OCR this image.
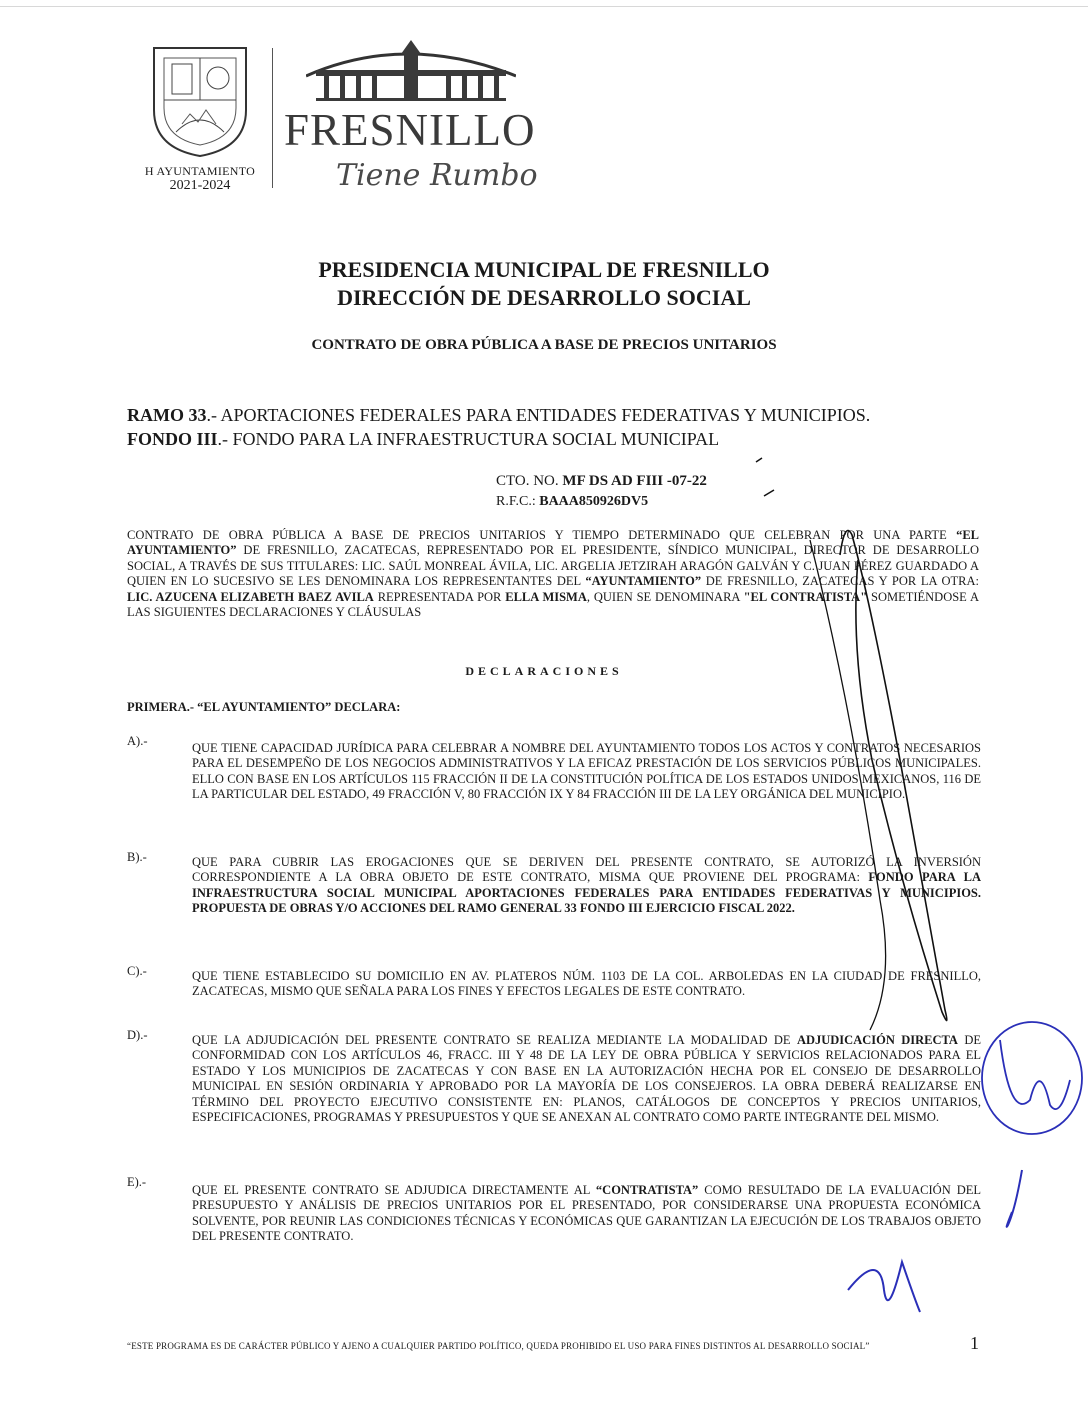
H AYUNTAMIENTO
2021-2024
FRESNILLO
Tiene Rumbo
PRESIDENCIA MUNICIPAL DE FRESNILLO
DIRECCIÓN DE DESARROLLO SOCIAL
CONTRATO DE OBRA PÚBLICA A BASE DE PRECIOS UNITARIOS
RAMO 33.- APORTACIONES FEDERALES PARA ENTIDADES FEDERATIVAS Y MUNICIPIOS.
FONDO III.- FONDO PARA LA INFRAESTRUCTURA SOCIAL MUNICIPAL
CTO. NO. MF DS AD FIII -07-22
R.F.C.: BAAA850926DV5
CONTRATO DE OBRA PÚBLICA A BASE DE PRECIOS UNITARIOS Y TIEMPO DETERMINADO QUE CELEBRAN POR UNA PARTE “EL AYUNTAMIENTO” DE FRESNILLO, ZACATECAS, REPRESENTADO POR EL PRESIDENTE, SÍNDICO MUNICIPAL, DIRECTOR DE DESARROLLO SOCIAL, A TRAVÉS DE SUS TITULARES: LIC. SAÚL MONREAL ÁVILA, LIC. ARGELIA JETZIRAH ARAGÓN GALVÁN Y C. JUAN PÉREZ GUARDADO A QUIEN EN LO SUCESIVO SE LES DENOMINARA LOS REPRESENTANTES DEL “AYUNTAMIENTO” DE FRESNILLO, ZACATECAS Y POR LA OTRA: LIC. AZUCENA ELIZABETH BAEZ AVILA REPRESENTADA POR ELLA MISMA, QUIEN SE DENOMINARA "EL CONTRATISTA" SOMETIÉNDOSE A LAS SIGUIENTES DECLARACIONES Y CLÁUSULAS
DECLARACIONES
PRIMERA.- “EL AYUNTAMIENTO” DECLARA:
A).-	QUE TIENE CAPACIDAD JURÍDICA PARA CELEBRAR A NOMBRE DEL AYUNTAMIENTO TODOS LOS ACTOS Y CONTRATOS NECESARIOS PARA EL DESEMPEÑO DE LOS NEGOCIOS ADMINISTRATIVOS Y LA EFICAZ PRESTACIÓN DE LOS SERVICIOS PÚBLICOS MUNICIPALES. ELLO CON BASE EN LOS ARTÍCULOS 115 FRACCIÓN II DE LA CONSTITUCIÓN POLÍTICA DE LOS ESTADOS UNIDOS MEXICANOS, 116 DE LA PARTICULAR DEL ESTADO, 49 FRACCIÓN V, 80 FRACCIÓN IX Y 84 FRACCIÓN III DE LA LEY ORGÁNICA DEL MUNICIPIO.
B).-	QUE PARA CUBRIR LAS EROGACIONES QUE SE DERIVEN DEL PRESENTE CONTRATO, SE AUTORIZÓ LA INVERSIÓN CORRESPONDIENTE A LA OBRA OBJETO DE ESTE CONTRATO, MISMA QUE PROVIENE DEL PROGRAMA: FONDO PARA LA INFRAESTRUCTURA SOCIAL MUNICIPAL APORTACIONES FEDERALES PARA ENTIDADES FEDERATIVAS Y MUNICIPIOS. PROPUESTA DE OBRAS Y/O ACCIONES DEL RAMO GENERAL 33 FONDO III EJERCICIO FISCAL 2022.
C).-	QUE TIENE ESTABLECIDO SU DOMICILIO EN AV. PLATEROS NÚM. 1103 DE LA COL. ARBOLEDAS EN LA CIUDAD DE FRESNILLO, ZACATECAS, MISMO QUE SEÑALA PARA LOS FINES Y EFECTOS LEGALES DE ESTE CONTRATO.
D).-	QUE LA ADJUDICACIÓN DEL PRESENTE CONTRATO SE REALIZA MEDIANTE LA MODALIDAD DE ADJUDICACIÓN DIRECTA DE CONFORMIDAD CON LOS ARTÍCULOS 46, FRACC. III Y 48 DE LA LEY DE OBRA PÚBLICA Y SERVICIOS RELACIONADOS PARA EL ESTADO Y LOS MUNICIPIOS DE ZACATECAS Y CON BASE EN LA AUTORIZACIÓN HECHA POR EL CONSEJO DE DESARROLLO MUNICIPAL EN SESIÓN ORDINARIA Y APROBADO POR LA MAYORÍA DE LOS CONSEJEROS. LA OBRA DEBERÁ REALIZARSE EN TÉRMINO DEL PROYECTO EJECUTIVO CONSISTENTE EN: PLANOS, CATÁLOGOS DE CONCEPTOS Y PRECIOS UNITARIOS, ESPECIFICACIONES, PROGRAMAS Y PRESUPUESTOS Y QUE SE ANEXAN AL CONTRATO COMO PARTE INTEGRANTE DEL MISMO.
E).-
QUE EL PRESENTE CONTRATO SE ADJUDICA DIRECTAMENTE AL “CONTRATISTA” COMO RESULTADO DE LA EVALUACIÓN DEL PRESUPUESTO Y ANÁLISIS DE PRECIOS UNITARIOS POR EL PRESENTADO, POR CONSIDERARSE UNA PROPUESTA ECONÓMICA SOLVENTE, POR REUNIR LAS CONDICIONES TÉCNICAS Y ECONÓMICAS QUE GARANTIZAN LA EJECUCIÓN DE LOS TRABAJOS OBJETO DEL PRESENTE CONTRATO.
“ESTE PROGRAMA ES DE CARÁCTER PÚBLICO Y AJENO A CUALQUIER PARTIDO POLÍTICO, QUEDA PROHIBIDO EL USO PARA FINES DISTINTOS AL DESARROLLO SOCIAL”	1
